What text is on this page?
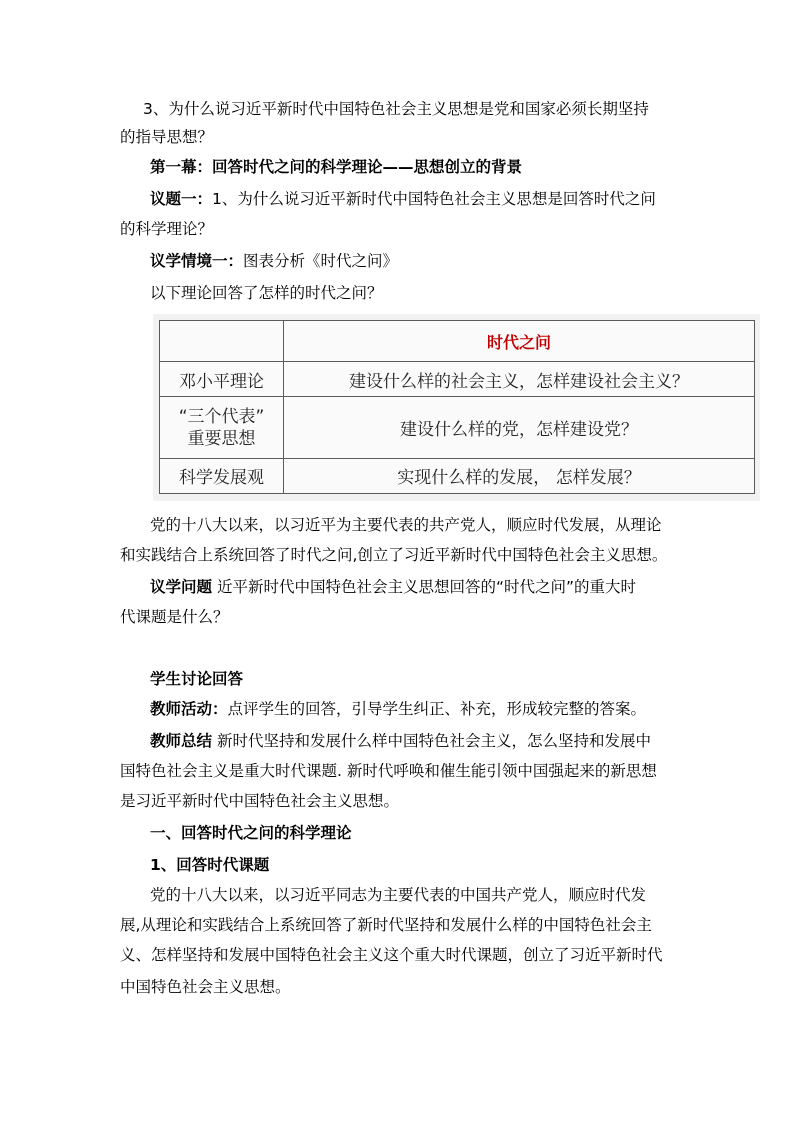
3、为什么说习近平新时代中国特色社会主义思想是党和国家必须长期坚持
的指导思想？
第一幕：回答时代之问的科学理论——思想创立的背景
议题一：1、为什么说习近平新时代中国特色社会主义思想是回答时代之问
的科学理论？
议学情境一：图表分析《时代之问》
以下理论回答了怎样的时代之问？
	时代之问
邓小平理论	建设什么样的社会主义，怎样建设社会主义？

“三个代表”
重要思想	建设什么样的党，怎样建设党？
科学发展观	实现什么样的发展， 怎样发展？
党的十八大以来，以习近平为主要代表的共产党人，顺应时代发展，从理论
和实践结合上系统回答了时代之问,创立了习近平新时代中国特色社会主义思想。
议学问题 近平新时代中国特色社会主义思想回答的“时代之问”的重大时
代课题是什么？
学生讨论回答
教师活动：点评学生的回答，引导学生纠正、补充，形成较完整的答案。
教师总结 新时代坚持和发展什么样中国特色社会主义，怎么坚持和发展中
国特色社会主义是重大时代课题. 新时代呼唤和催生能引领中国强起来的新思想
是习近平新时代中国特色社会主义思想。
一、回答时代之问的科学理论
1、回答时代课题
党的十八大以来，以习近平同志为主要代表的中国共产党人，顺应时代发
展,从理论和实践结合上系统回答了新时代坚持和发展什么样的中国特色社会主
义、怎样坚持和发展中国特色社会主义这个重大时代课题，创立了习近平新时代
中国特色社会主义思想。
